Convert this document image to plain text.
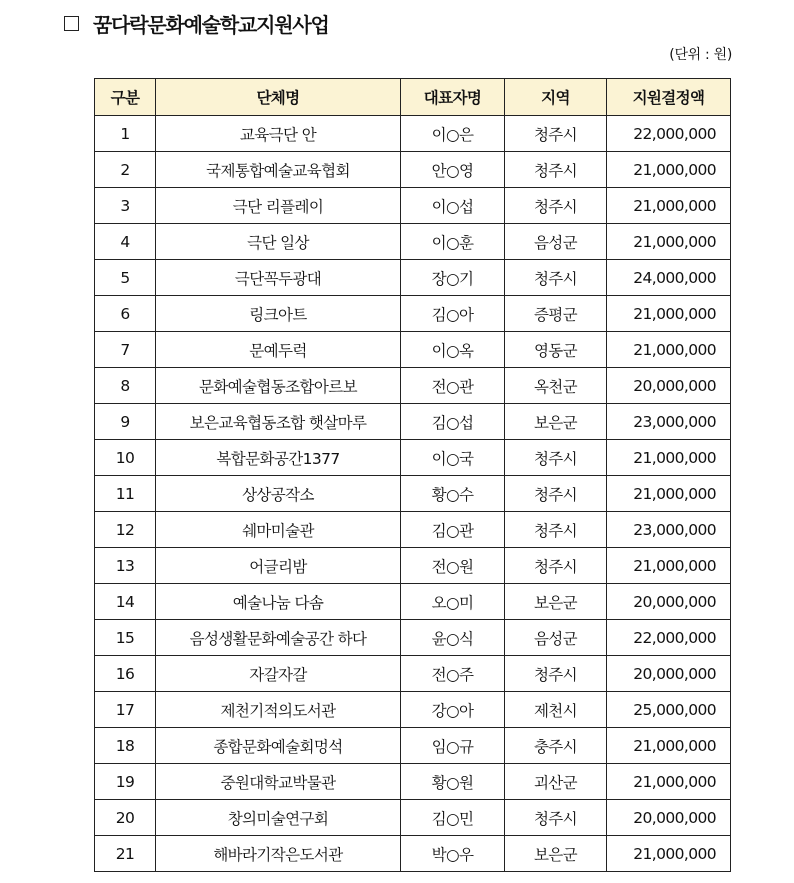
꿈다락문화예술학교지원사업
(단위 : 원)
구분	단체명	대표자명	지역	지원결정액
1	교육극단 안	이○은	청주시	22,000,000
2	국제통합예술교육협회	안○영	청주시	21,000,000
3	극단 리플레이	이○섭	청주시	21,000,000
4	극단 일상	이○훈	음성군	21,000,000
5	극단꼭두광대	장○기	청주시	24,000,000
6	링크아트	김○아	증평군	21,000,000
7	문예두럭	이○옥	영동군	21,000,000
8	문화예술협동조합아르보	전○관	옥천군	20,000,000
9	보은교육협동조합 햇살마루	김○섭	보은군	23,000,000
10	복합문화공간1377	이○국	청주시	21,000,000
11	상상공작소	황○수	청주시	21,000,000
12	쉐마미술관	김○관	청주시	23,000,000
13	어글리밤	전○원	청주시	21,000,000
14	예술나눔 다솜	오○미	보은군	20,000,000
15	음성생활문화예술공간 하다	윤○식	음성군	22,000,000
16	자갈자갈	전○주	청주시	20,000,000
17	제천기적의도서관	강○아	제천시	25,000,000
18	종합문화예술회멍석	임○규	충주시	21,000,000
19	중원대학교박물관	황○원	괴산군	21,000,000
20	창의미술연구회	김○민	청주시	20,000,000
21	해바라기작은도서관	박○우	보은군	21,000,000
